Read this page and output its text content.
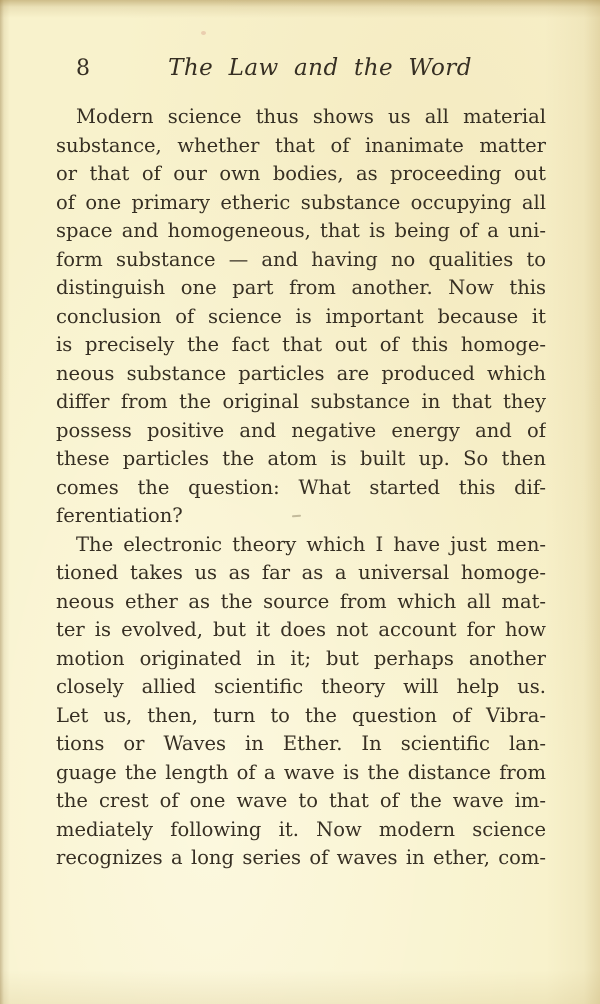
8	The Law and the Word
Modern science thus shows us all material
substance, whether that of inanimate matter
or that of our own bodies, as proceeding out
of one primary etheric substance occupying all
space and homogeneous, that is being of a uni-
form substance — and having no qualities to
distinguish one part from another. Now this
conclusion of science is important because it
is precisely the fact that out of this homoge-
neous substance particles are produced which
differ from the original substance in that they
possess positive and negative energy and of
these particles the atom is built up. So then
comes the question: What started this dif-
ferentiation?
The electronic theory which I have just men-
tioned takes us as far as a universal homoge-
neous ether as the source from which all mat-
ter is evolved, but it does not account for how
motion originated in it; but perhaps another
closely allied scientific theory will help us.
Let us, then, turn to the question of Vibra-
tions or Waves in Ether. In scientific lan-
guage the length of a wave is the distance from
the crest of one wave to that of the wave im-
mediately following it. Now modern science
recognizes a long series of waves in ether, com-
